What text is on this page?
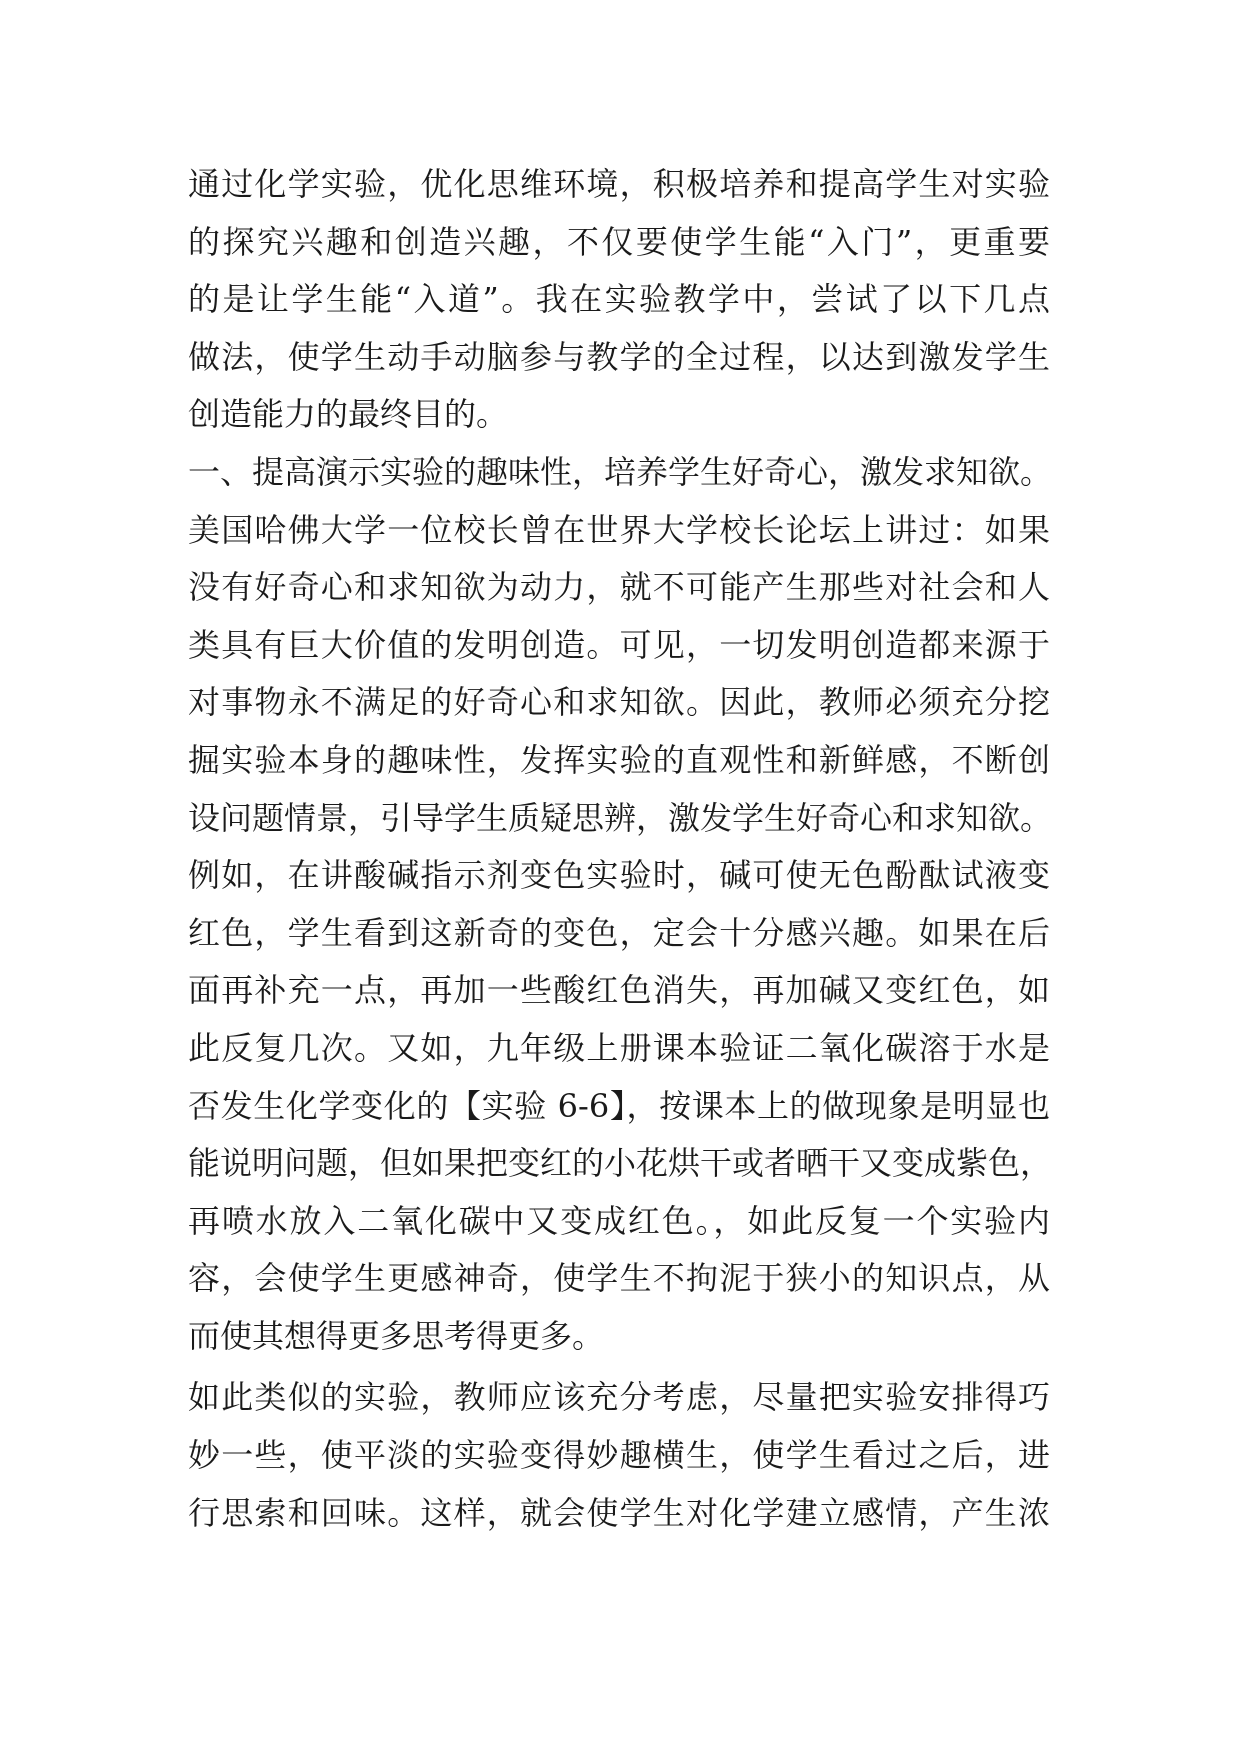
通过化学实验，优化思维环境，积极培养和提高学生对实验
的探究兴趣和创造兴趣，不仅要使学生能“入门”，更重要
的是让学生能“入道”。我在实验教学中，尝试了以下几点
做法，使学生动手动脑参与教学的全过程，以达到激发学生
创造能力的最终目的。
一、提高演示实验的趣味性，培养学生好奇心，激发求知欲。
美国哈佛大学一位校长曾在世界大学校长论坛上讲过：如果
没有好奇心和求知欲为动力，就不可能产生那些对社会和人
类具有巨大价值的发明创造。可见，一切发明创造都来源于
对事物永不满足的好奇心和求知欲。因此，教师必须充分挖
掘实验本身的趣味性，发挥实验的直观性和新鲜感，不断创
设问题情景，引导学生质疑思辨，激发学生好奇心和求知欲。
例如，在讲酸碱指示剂变色实验时，碱可使无色酚酞试液变
红色，学生看到这新奇的变色，定会十分感兴趣。如果在后
面再补充一点，再加一些酸红色消失，再加碱又变红色，如
此反复几次。又如，九年级上册课本验证二氧化碳溶于水是
否发生化学变化的【实验 6-6】，按课本上的做现象是明显也
能说明问题，但如果把变红的小花烘干或者晒干又变成紫色，
再喷水放入二氧化碳中又变成红色。，如此反复一个实验内
容，会使学生更感神奇，使学生不拘泥于狭小的知识点，从
而使其想得更多思考得更多。
如此类似的实验，教师应该充分考虑，尽量把实验安排得巧
妙一些，使平淡的实验变得妙趣横生，使学生看过之后，进
行思索和回味。这样，就会使学生对化学建立感情，产生浓
